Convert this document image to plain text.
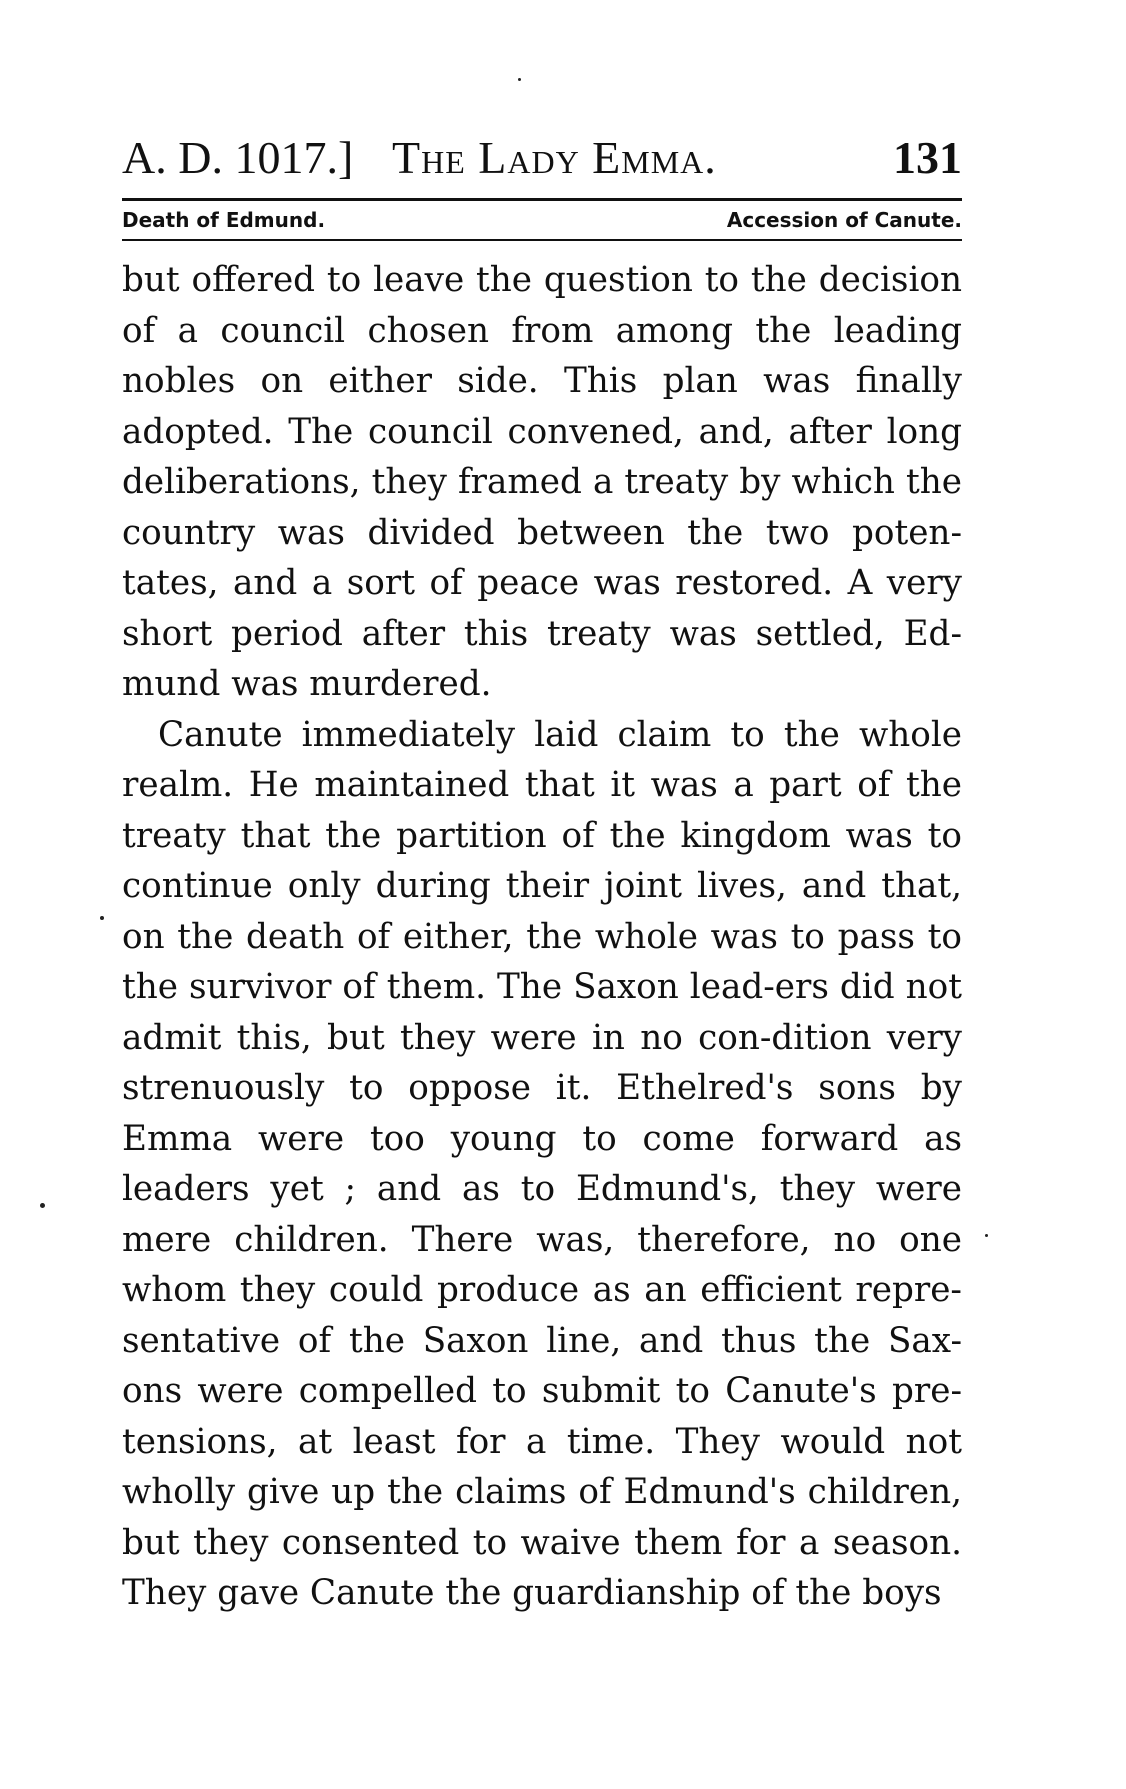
A. D. 1017.] The Lady Emma.	131
Death of Edmund.	Accession of Canute.

but offered to leave the question to the decision of a council chosen from among the leading nobles on either side. This plan was finally adopted. The council convened, and, after long deliberations, they framed a treaty by which the country was divided between the two poten-tates, and a sort of peace was restored. A very short period after this treaty was settled, Ed-mund was murdered.

Canute immediately laid claim to the whole realm. He maintained that it was a part of the treaty that the partition of the kingdom was to continue only during their joint lives, and that, on the death of either, the whole was to pass to the survivor of them. The Saxon lead-ers did not admit this, but they were in no con-dition very strenuously to oppose it. Ethelred's sons by Emma were too young to come forward as leaders yet ; and as to Edmund's, they were mere children. There was, therefore, no one whom they could produce as an efficient repre-sentative of the Saxon line, and thus the Sax-ons were compelled to submit to Canute's pre-tensions, at least for a time. They would not wholly give up the claims of Edmund's children, but they consented to waive them for a season. They gave Canute the guardianship of the boys
